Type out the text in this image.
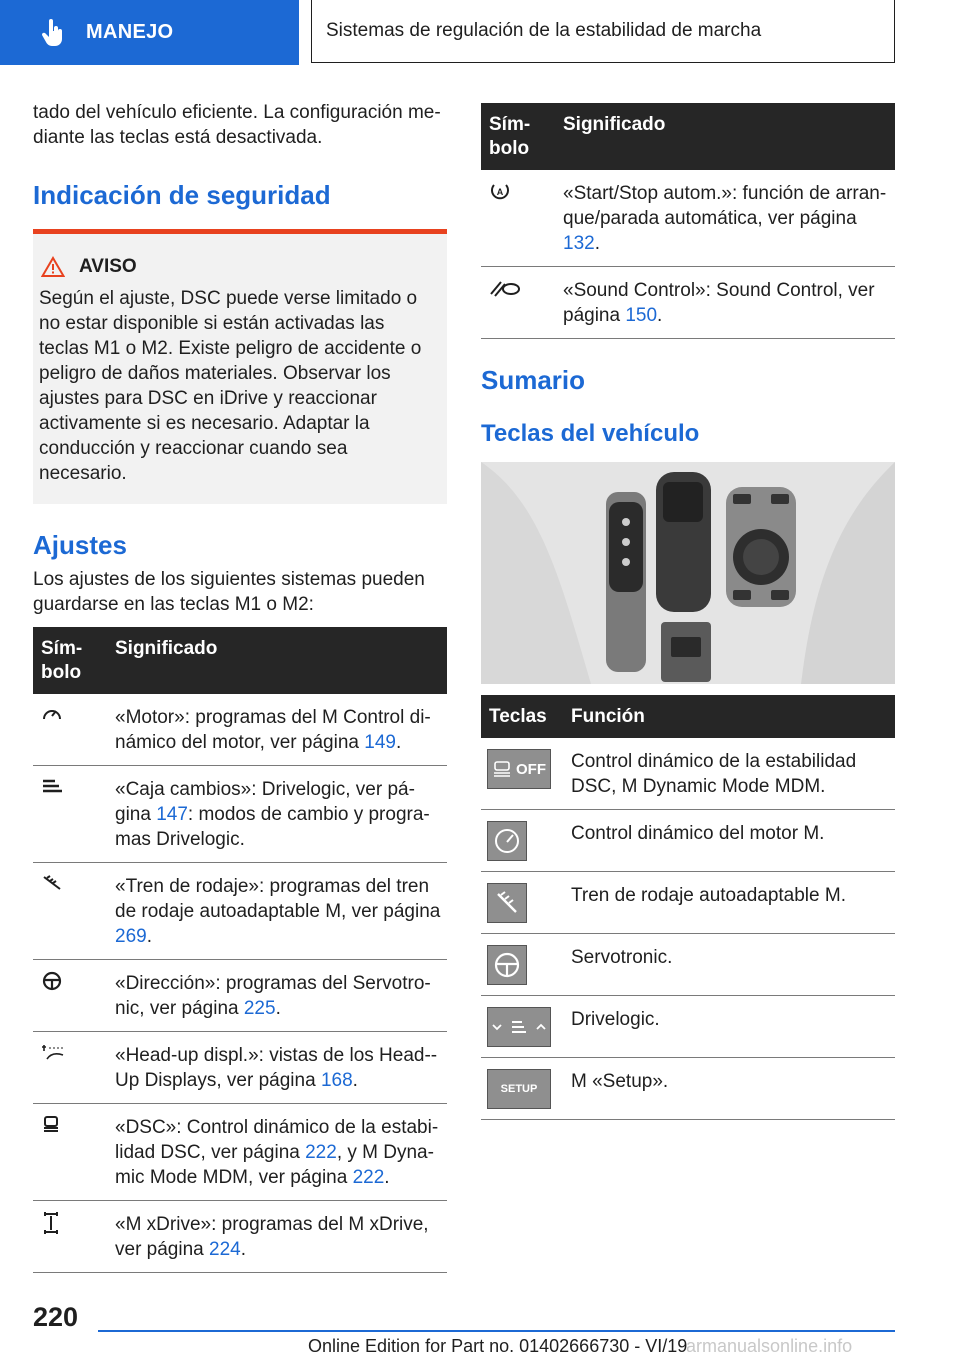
MANEJO	Sistemas de regulación de la estabilidad de marcha

tado del vehículo eficiente. La configuración mediante las teclas está desactivada.

Indicación de seguridad
AVISO

Según el ajuste, DSC puede verse limitado o no estar disponible si están activadas las teclas M1 o M2. Existe peligro de accidente o peligro de daños materiales. Observar los ajustes para DSC en iDrive y reaccionar activamente si es necesario. Adaptar la conducción y reaccionar cuando sea necesario.

Ajustes

Los ajustes de los siguientes sistemas pueden guardarse en las teclas M1 o M2:

Símbolo	Significado
	«Motor»: programas del M Control dinámico del motor, ver página 149.
	«Caja cambios»: Drivelogic, ver página 147: modos de cambio y programas Drivelogic.
	«Tren de rodaje»: programas del tren de rodaje autoadaptable M, ver página 269.
	«Dirección»: programas del Servotronic, ver página 225.
	«Head-up displ.»: vistas de los Head-Up Displays, ver página 168.
	«DSC»: Control dinámico de la estabilidad DSC, ver página 222, y M Dynamic Mode MDM, ver página 222.
	«M xDrive»: programas del M xDrive, ver página 224.
Símbolo	Significado

A	«Start/Stop autom.»: función de arranque/parada automática, ver página 132.
	«Sound Control»: Sound Control, ver página 150.
Sumario
Teclas del vehículo
Teclas	Función

OFF	Control dinámico de la estabilidad DSC, M Dynamic Mode MDM.

	Control dinámico del motor M.

	Tren de rodaje autoadaptable M.

	Servotronic.

	Drivelogic.

SETUP	M «Setup».
220
Online Edition for Part no. 01402666730 - VI/19
armanualsonline.info
